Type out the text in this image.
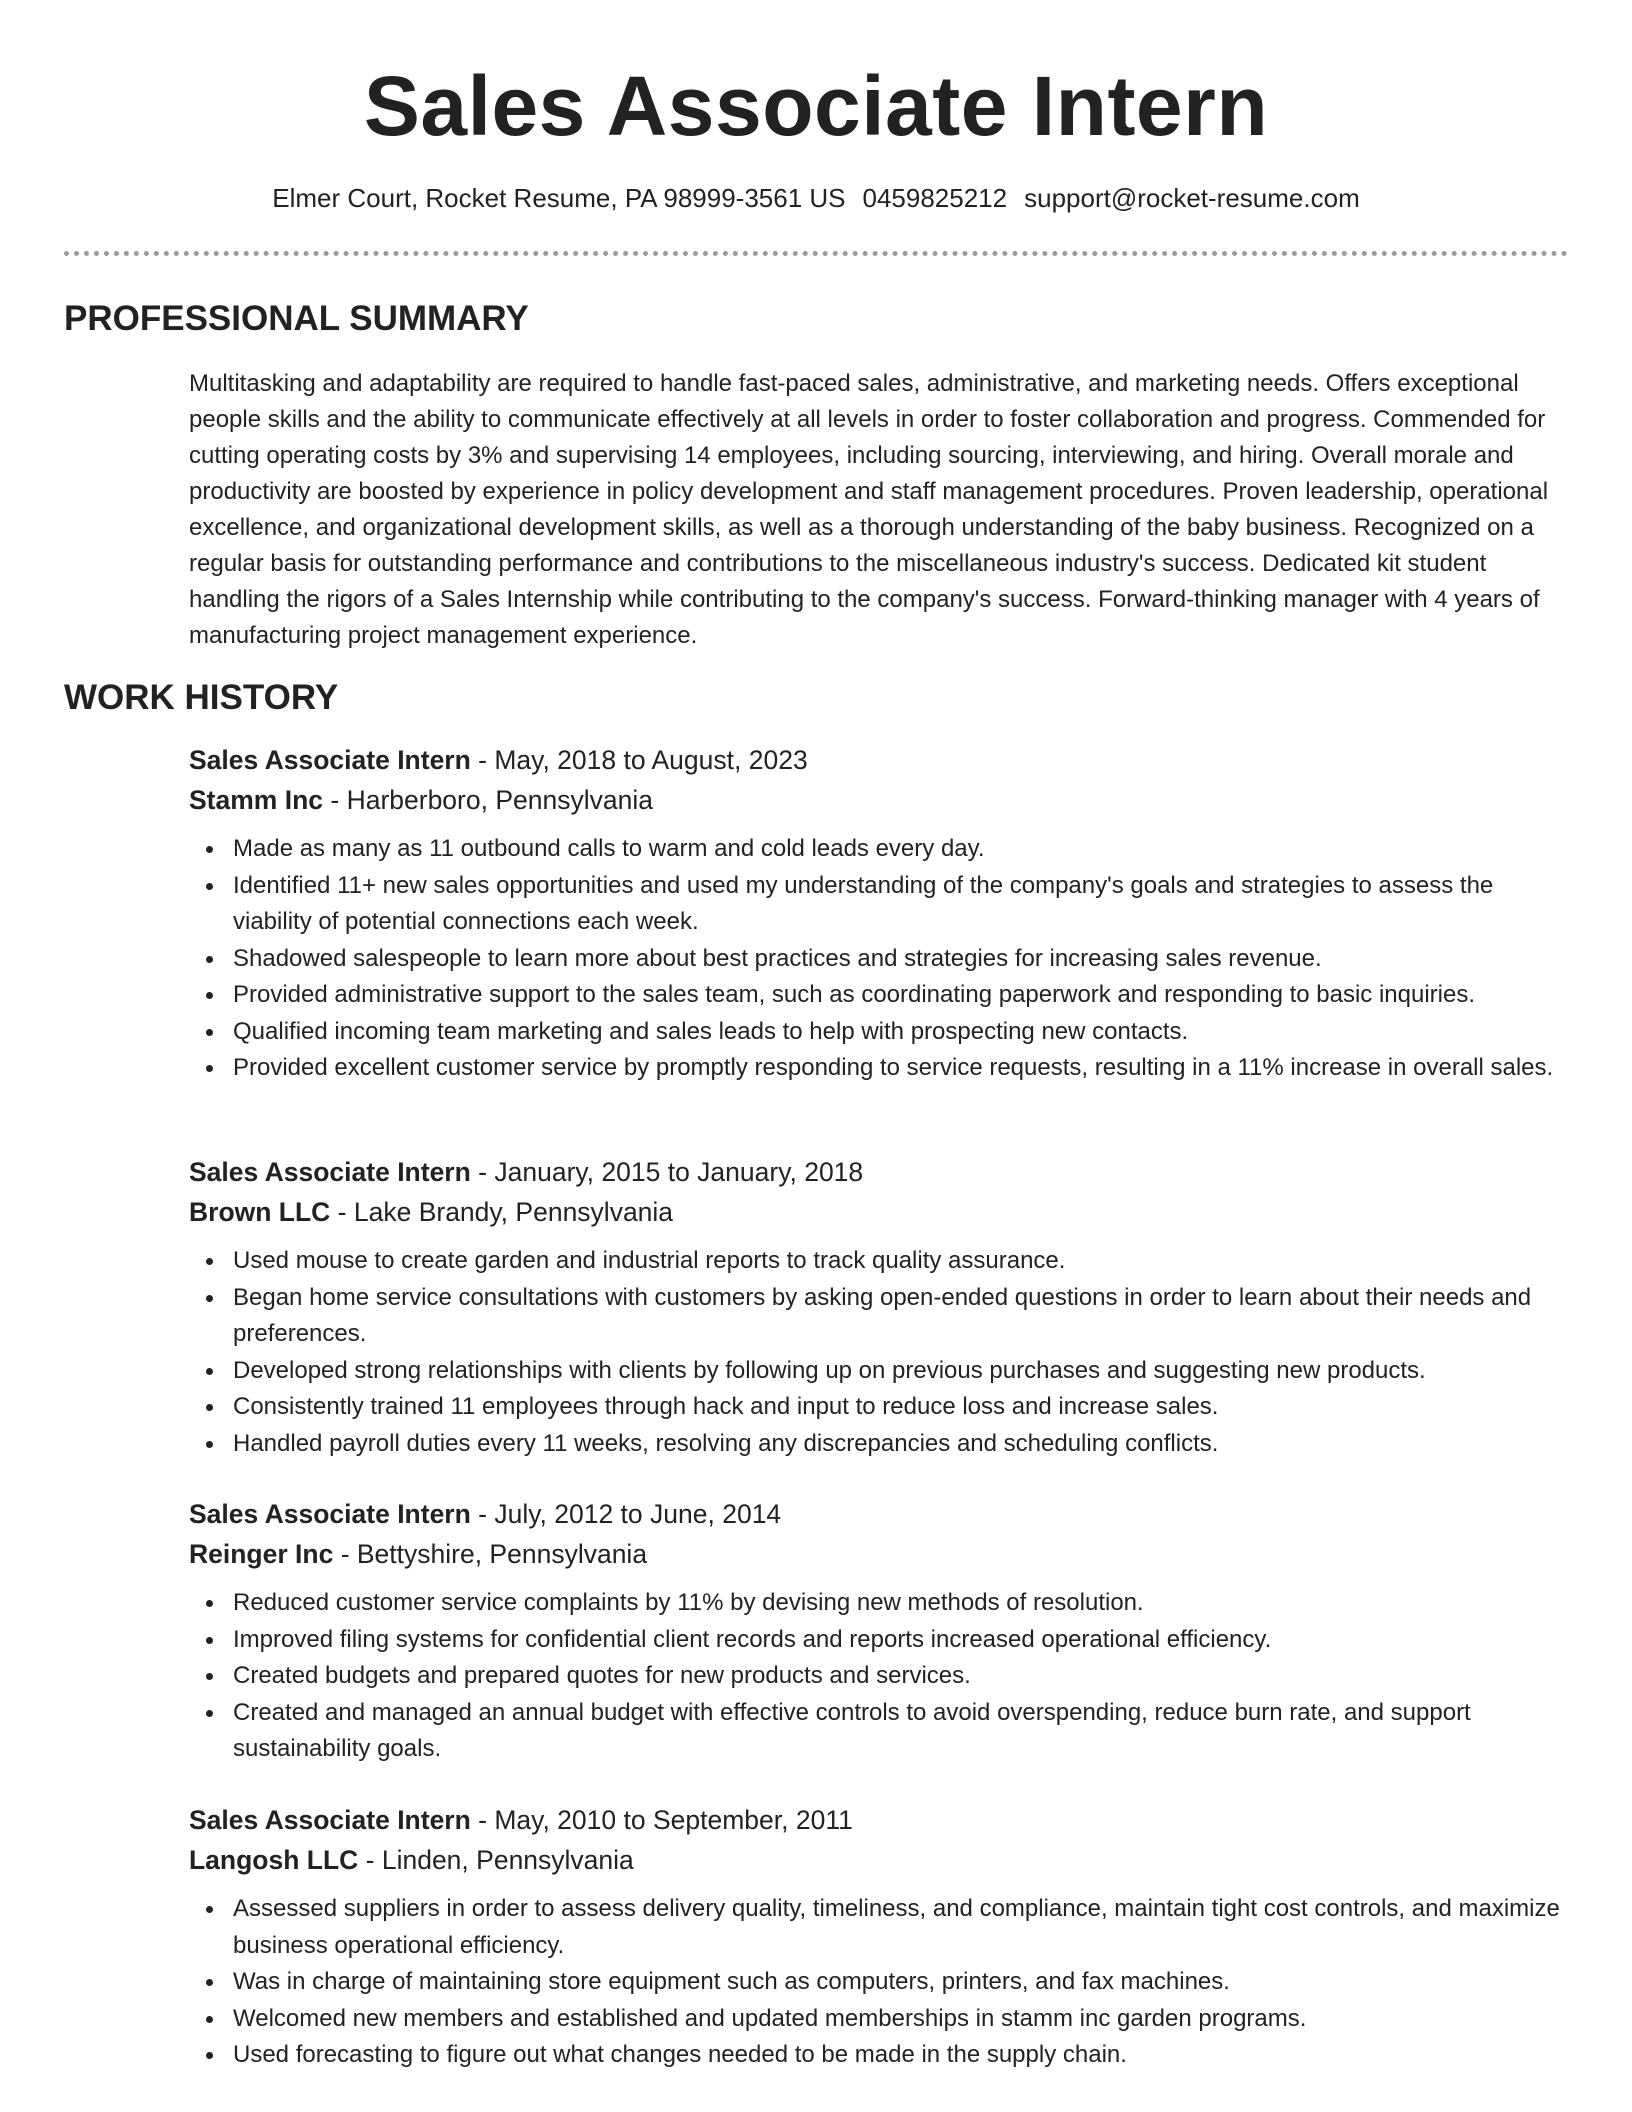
Sales Associate Intern
Elmer Court, Rocket Resume, PA 98999-3561 US 0459825212 support@rocket-resume.com
PROFESSIONAL SUMMARY

Multitasking and adaptability are required to handle fast-paced sales, administrative, and marketing needs. Offers exceptional people skills and the ability to communicate effectively at all levels in order to foster collaboration and progress. Commended for cutting operating costs by 3% and supervising 14 employees, including sourcing, interviewing, and hiring. Overall morale and productivity are boosted by experience in policy development and staff management procedures. Proven leadership, operational excellence, and organizational development skills, as well as a thorough understanding of the baby business. Recognized on a regular basis for outstanding performance and contributions to the miscellaneous industry's success. Dedicated kit student handling the rigors of a Sales Internship while contributing to the company's success. Forward-thinking manager with 4 years of manufacturing project management experience.

WORK HISTORY
Sales Associate Intern - May, 2018 to August, 2023
Stamm Inc - Harberboro, Pennsylvania
Made as many as 11 outbound calls to warm and cold leads every day.
Identified 11+ new sales opportunities and used my understanding of the company's goals and strategies to assess the viability of potential connections each week.
Shadowed salespeople to learn more about best practices and strategies for increasing sales revenue.
Provided administrative support to the sales team, such as coordinating paperwork and responding to basic inquiries.
Qualified incoming team marketing and sales leads to help with prospecting new contacts.
Provided excellent customer service by promptly responding to service requests, resulting in a 11% increase in overall sales.
Sales Associate Intern - January, 2015 to January, 2018
Brown LLC - Lake Brandy, Pennsylvania
Used mouse to create garden and industrial reports to track quality assurance.
Began home service consultations with customers by asking open-ended questions in order to learn about their needs and preferences.
Developed strong relationships with clients by following up on previous purchases and suggesting new products.
Consistently trained 11 employees through hack and input to reduce loss and increase sales.
Handled payroll duties every 11 weeks, resolving any discrepancies and scheduling conflicts.
Sales Associate Intern - July, 2012 to June, 2014
Reinger Inc - Bettyshire, Pennsylvania
Reduced customer service complaints by 11% by devising new methods of resolution.
Improved filing systems for confidential client records and reports increased operational efficiency.
Created budgets and prepared quotes for new products and services.
Created and managed an annual budget with effective controls to avoid overspending, reduce burn rate, and support sustainability goals.
Sales Associate Intern - May, 2010 to September, 2011
Langosh LLC - Linden, Pennsylvania
Assessed suppliers in order to assess delivery quality, timeliness, and compliance, maintain tight cost controls, and maximize business operational efficiency.
Was in charge of maintaining store equipment such as computers, printers, and fax machines.
Welcomed new members and established and updated memberships in stamm inc garden programs.
Used forecasting to figure out what changes needed to be made in the supply chain.
